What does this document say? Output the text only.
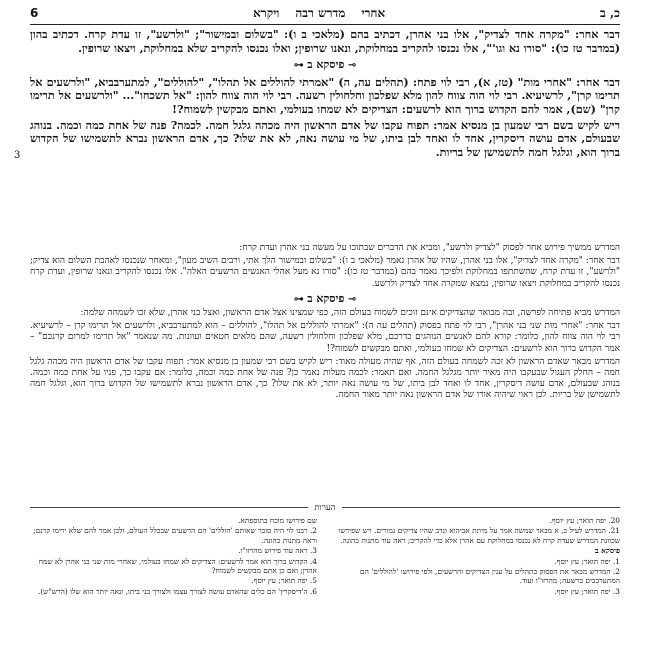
כ, ב
אחרי
מדרש רבה
ויקרא
6

דבר אחר: "מקרה אחד לצדיק", אלו בני אהרן, דכתיב בהם (מלאכי ב ו): "בשלום ובמישור"; "ולרשע", זו עדת קרח. דכתיב בהון (במדבר טז כו): "סורו נא וגו'", אלו נכנסו להקריב במחלוקת, ונאנו שרופין; ואלו נכנסו להקריב שלא במחלוקת, ויצאו שרופין.

⊸ פיסקא ב ⊷

דבר אחר: "אחרי מות" (טז, א), רבי לוי פתח: (תהלים עה, ה) "אמרתי להוללים אל תהלו", "להוללים", למתערבביא, "ולרשעים אל תרימו קרן", לרשיעיא. רבי לוי הוה צווח להון מלא שפלכון וחלחולין רשעה. רבי לוי הוה צווח להון: "אל תשכחו"... "ולרשעים אל תרימו קרן" (שם), אמר להם הקדוש ברוך הוא לרשעים: הצדיקים לא שמחו בעולמי, ואתם מבקשין לשמוח?!

ריש לקיש בשם רבי שמעון בן מנסיא אמר: תפוח עקבו של אדם הראשון היה מכהה גלגל חמה. לכמה? פנה של אחת כמה וכמה. בנוהג שבעולם, אדם עושה דיסקרין, אחד לו ואחד לבן ביתו, של מי עושה נאה, לא את שלו? כך, אדם הראשון נברא לתשמישו של הקדוש ברוך הוא, וגלגל חמה לתשמישן של בריות.

3

המדרש ממשיך פירוש אחר לפסוק "לצדיק ולרשע", ומביא את הדברים שבתוכו על מעשה בני אהרן ועדת קרח:

דבר אחר: "מקרה אחד לצדיק", אלו בני אהרן, שהיו של אהרן נאמר (מלאכי ב ו): "בשלום ובמישור הלך אתי, ורבים השיב מעון", ומאחר שנכנסו לאהבת השלום הוא צדיק; "ולרשע", זו עדת קרח, שהשתתפו במחלוקת ולפיכך נאמר בהם (במדבר טז כו): "סורו נא מעל אהלי האנשים הרשעים האלה". אלו נכנסו להקריב ונאנו שרופין, ועדת קרח נכנסו להקריב במחלוקת ויצאו שרופין, נמצא שמקרה אחד לצדיק ולרשע.

⊸ פיסקא ב ⊷

המדרש מביא פתיחה לפרשה, ובה מבואר שהצדיקים אינם זוכים לשמוח בעולם הזה, כפי שמצינו אצל אדם הראשון, ואצל בני אהרן, שלא זכו לשמחה שלמה:

דבר אחר: "אחרי מות שני בני אהרן", רבי לוי פתח בפסוק (תהלים עה ה): "אמרתי להוללים אל תהלו", להוללים – הוא למתערבביא, ולרשעים אל תרימו קרן – לרשיעיא. רבי לוי הוה צווח להון, כלומר: קורא להם לאנשים הנוהגים כדרכם, מלא שפלכון וחלחולין רשעה, שהם מלאים חטאים ועוונות. מה שנאמר "אל תרימו למרום קרנכם" – אמר הקדוש ברוך הוא לרשעים: הצדיקים לא שמחו בעולמי, ואתם מבקשים לשמוח?!

המדרש מבאר שאדם הראשון לא זכה לשמחה בעולם הזה, אף שהיה מעולה מאוד: ריש לקיש בשם רבי שמעון בן מנסיא אמר: תפוח עקבו של אדם הראשון היה מכהה גלגל חמה – החלק העגול שבעקבו היה מאיר יותר מגלגל החמה. ואם תאמר: לכמה מעלות נאמר כן? פנה של אחת כמה וכמה, כלומר: אם עקבו כך, פניו על אחת כמה וכמה. בנוהג שבעולם, אדם עושה דיסקרין, אחד לו ואחד לבן ביתו, של מי עושה נאה יותר, לא את שלו? כך, אדם הראשון נברא לתשמישו של הקדוש ברוך הוא, וגלגל חמה לתשמישן של בריות. לכן ראוי שיהיה אורו של אדם הראשון נאה יותר מאור החמה.

הערות

20. יפה תואר; עץ יוסף.

21. המדרש לעיל כ, א מבאר שמשה אמר על מיתת אביהוא ונדב שהיו צדיקים גמורים. ויש שפירשו שכוונת המדרש שעדת קרח לא נכנסו במחלוקת עם אהרן אלא כדי להקריב; ראה עוד מתנות כהונה.

פיסקא ב

1. יפה תואר; עץ יוסף.

2. המדרש מבאר את הפסוק בתהלים על ענין הצדיקים והרשעים, ולפי פירושו 'להוללים' הם המתערבבים ברשעה; מהרזו"ו ועוד.

3. יפה תואר; עץ יוסף.

שם פירושו מוכח בתוספתא.

2. רבנו לוי היה סובר שאותם 'הוללים' הם הרשעים שבכלל העולם, ולכן אמר להם שלא ירימו קרנם; וראה מתנות כהונה.

3. ראה עוד פירוש מהרזו"ו.

4. הקדוש ברוך הוא אמר לרשעים: הצדיקים לא שמחו בעולמי, שאחרי מות שני בני אהרן לא שמח אהרן; ואם כן אתם מבקשים לשמוח?

5. יפה תואר; עץ יוסף.

6. ה'דיסקרין' הם כלים שהאדם עושה לצורך עצמו ולצורך בני ביתו, ונאה יותר הוא שלו (הרש"ש).
